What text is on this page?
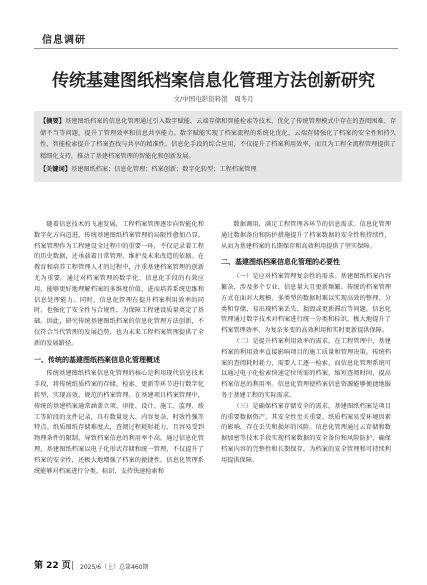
信息调研
传统基建图纸档案信息化管理方法创新研究
文/中国电影资料馆　周冬月

【摘要】基建图纸档案的信息化管理通过引入数字赋能、云端存储和智能检索等技术，优化了传统管理模式中存在的查阅困难、存储不当等问题，提升了管理效率和信息共享能力。数字赋能实现了档案流程的系统化优化，云端存储强化了档案的安全性和持久性，智能检索提升了档案查找与共享的精准性。信息化手段的综合应用，不仅提升了档案利用效率，而且为工程全流程管理提供了精细化支持，推动了基建档案管理的智能化和创新发展。

【关键词】基建图纸档案；信息化管理；档案创新；数字化转型；工程档案管理

随着信息技术的飞速发展，工程档案管理逐步向智能化和数字化方向迈进，传统基建图纸档案管理的局限性愈加凸显。档案管理作为工程建设全过程中的重要一环，不仅记录着工程的历史数据，还承载着日常管理、维护及未来改造的依据。在教育和培养工程管理人才的过程中，注重基建档案管理的创新尤为重要。通过对档案管理的数字化、信息化手段的有效应用，能够更好地理解档案的多维度价值，进而培养系统思维和信息处理能力。同时，信息化管理在提升档案利用效率的同时，也强化了安全性与合规性，为保障工程建设质量奠定了基础。因此，研究传统基建图纸档案的信息化管理方法创新，不仅符合当代管理的发展趋势，也为未来工程档案管理提供了全新的发展路径。

一、传统的基建图纸档案信息化管理概述

传统基建图纸档案信息化管理的核心是利用现代信息技术手段，将传统纸质档案的存储、检索、更新等环节进行数字化转型，实现高效、规范的档案管理。在基建项目档案管理中，传统的基建档案通常涵盖立项、审批、设计、施工、监理、竣工等阶段的文件记录，具有数量庞大、内容复杂、时效性强等特点。纸质图纸存储难度大，查阅过程耗时耗力，且容易受到物理条件的限制，导致档案信息的利用率不高。通过信息化管理，基建图纸档案以电子化形式存储和统一管理，不仅提升了档案的安全性，还极大地增强了档案的便捷性。信息化管理系统能够对档案进行分类、标识，支持快速检索和

数据调用，满足工程管理各环节的信息需求。信息化管理通过数据备份和防护措施提升了档案数据的安全性和持续性，从而为基建档案的长期保存和高效利用提供了坚实保障。

二、基建图纸档案信息化管理的必要性

（一）是应对档案管理复杂性的需求。基建图纸档案内容繁杂，涉及多个专业、信息量大且更新频繁。传统的档案管理方式在面对大规模、多类型的数据时难以实现高效的整理、分类和存储，易出现档案丢失、损毁或更新滞后等问题。信息化管理通过数字技术对档案进行统一分类和标识，极大地提升了档案管理效率，为复杂多变的高效利用和实时更新提供保障。

（二）是提升档案利用效率的需求。在工程管理中，基建档案的利用效率直接影响项目的施工质量和管理决策。传统档案的查阅耗时耗力，需要人工逐一检索，而信息化管理系统可以通过电子化检索快速定位所需的档案，缩短查阅时间，提高档案信息的利用率。信息化管理使档案信息资源能够便捷地服务于基建工程的实际需求。

（三）是确保档案存储安全的需求。基建图纸档案是项目的重要数据资产，其安全性至关重要。纸质档案易受环境因素的影响，存在丢失和损坏的风险。信息化管理通过云存储和数据加密等技术手段实现档案数据的安全备份和风险防护，确保档案内容的完整性和长期保存，为档案的安全管理和可持续利用提供保障。

第 22 页 2025/6（上）总第460期
